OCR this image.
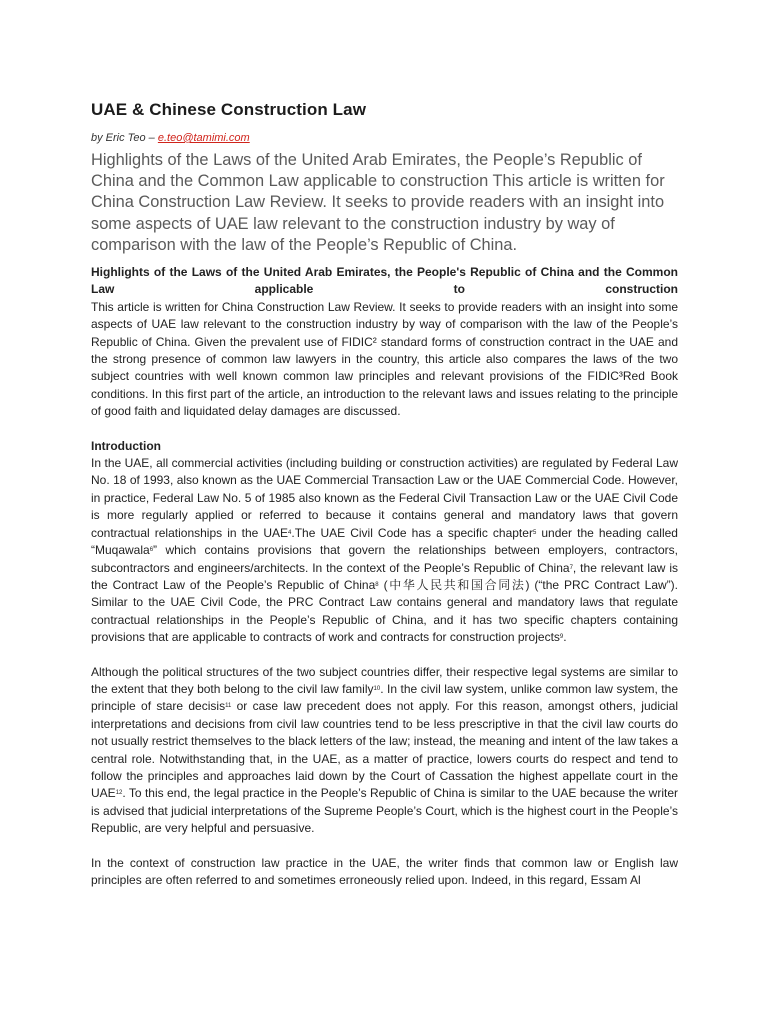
UAE & Chinese Construction Law
by Eric Teo – e.teo@tamimi.com

Highlights of the Laws of the United Arab Emirates, the People’s Republic of China and the Common Law applicable to construction This article is written for China Construction Law Review. It seeks to provide readers with an insight into some aspects of UAE law relevant to the construction industry by way of comparison with the law of the People’s Republic of China.

Highlights of the Laws of the United Arab Emirates, the People's Republic of China and the Common Law applicable to construction
This article is written for China Construction Law Review. It seeks to provide readers with an insight into some aspects of UAE law relevant to the construction industry by way of comparison with the law of the People’s Republic of China. Given the prevalent use of FIDIC² standard forms of construction contract in the UAE and the strong presence of common law lawyers in the country, this article also compares the laws of the two subject countries with well known common law principles and relevant provisions of the FIDIC³Red Book conditions. In this first part of the article, an introduction to the relevant laws and issues relating to the principle of good faith and liquidated delay damages are discussed.

Introduction
In the UAE, all commercial activities (including building or construction activities) are regulated by Federal Law No. 18 of 1993, also known as the UAE Commercial Transaction Law or the UAE Commercial Code. However, in practice, Federal Law No. 5 of 1985 also known as the Federal Civil Transaction Law or the UAE Civil Code is more regularly applied or referred to because it contains general and mandatory laws that govern contractual relationships in the UAE$^4$.The UAE Civil Code has a specific chapter$^5$ under the heading called “Muqawala$^6$” which contains provisions that govern the relationships between employers, contractors, subcontractors and engineers/architects. In the context of the People’s Republic of China$^7$, the relevant law is the Contract Law of the People’s Republic of China$^8$ (中华人民共和国合同法) (“the PRC Contract Law”). Similar to the UAE Civil Code, the PRC Contract Law contains general and mandatory laws that regulate contractual relationships in the People’s Republic of China, and it has two specific chapters containing provisions that are applicable to contracts of work and contracts for construction projects$^9$.

Although the political structures of the two subject countries differ, their respective legal systems are similar to the extent that they both belong to the civil law family$^{10}$. In the civil law system, unlike common law system, the principle of stare decisis$^{11}$ or case law precedent does not apply. For this reason, amongst others, judicial interpretations and decisions from civil law countries tend to be less prescriptive in that the civil law courts do not usually restrict themselves to the black letters of the law; instead, the meaning and intent of the law takes a central role. Notwithstanding that, in the UAE, as a matter of practice, lowers courts do respect and tend to follow the principles and approaches laid down by the Court of Cassation the highest appellate court in the UAE$^{12}$. To this end, the legal practice in the People’s Republic of China is similar to the UAE because the writer is advised that judicial interpretations of the Supreme People’s Court, which is the highest court in the People’s Republic, are very helpful and persuasive.

In the context of construction law practice in the UAE, the writer finds that common law or English law principles are often referred to and sometimes erroneously relied upon. Indeed, in this regard, Essam Al
